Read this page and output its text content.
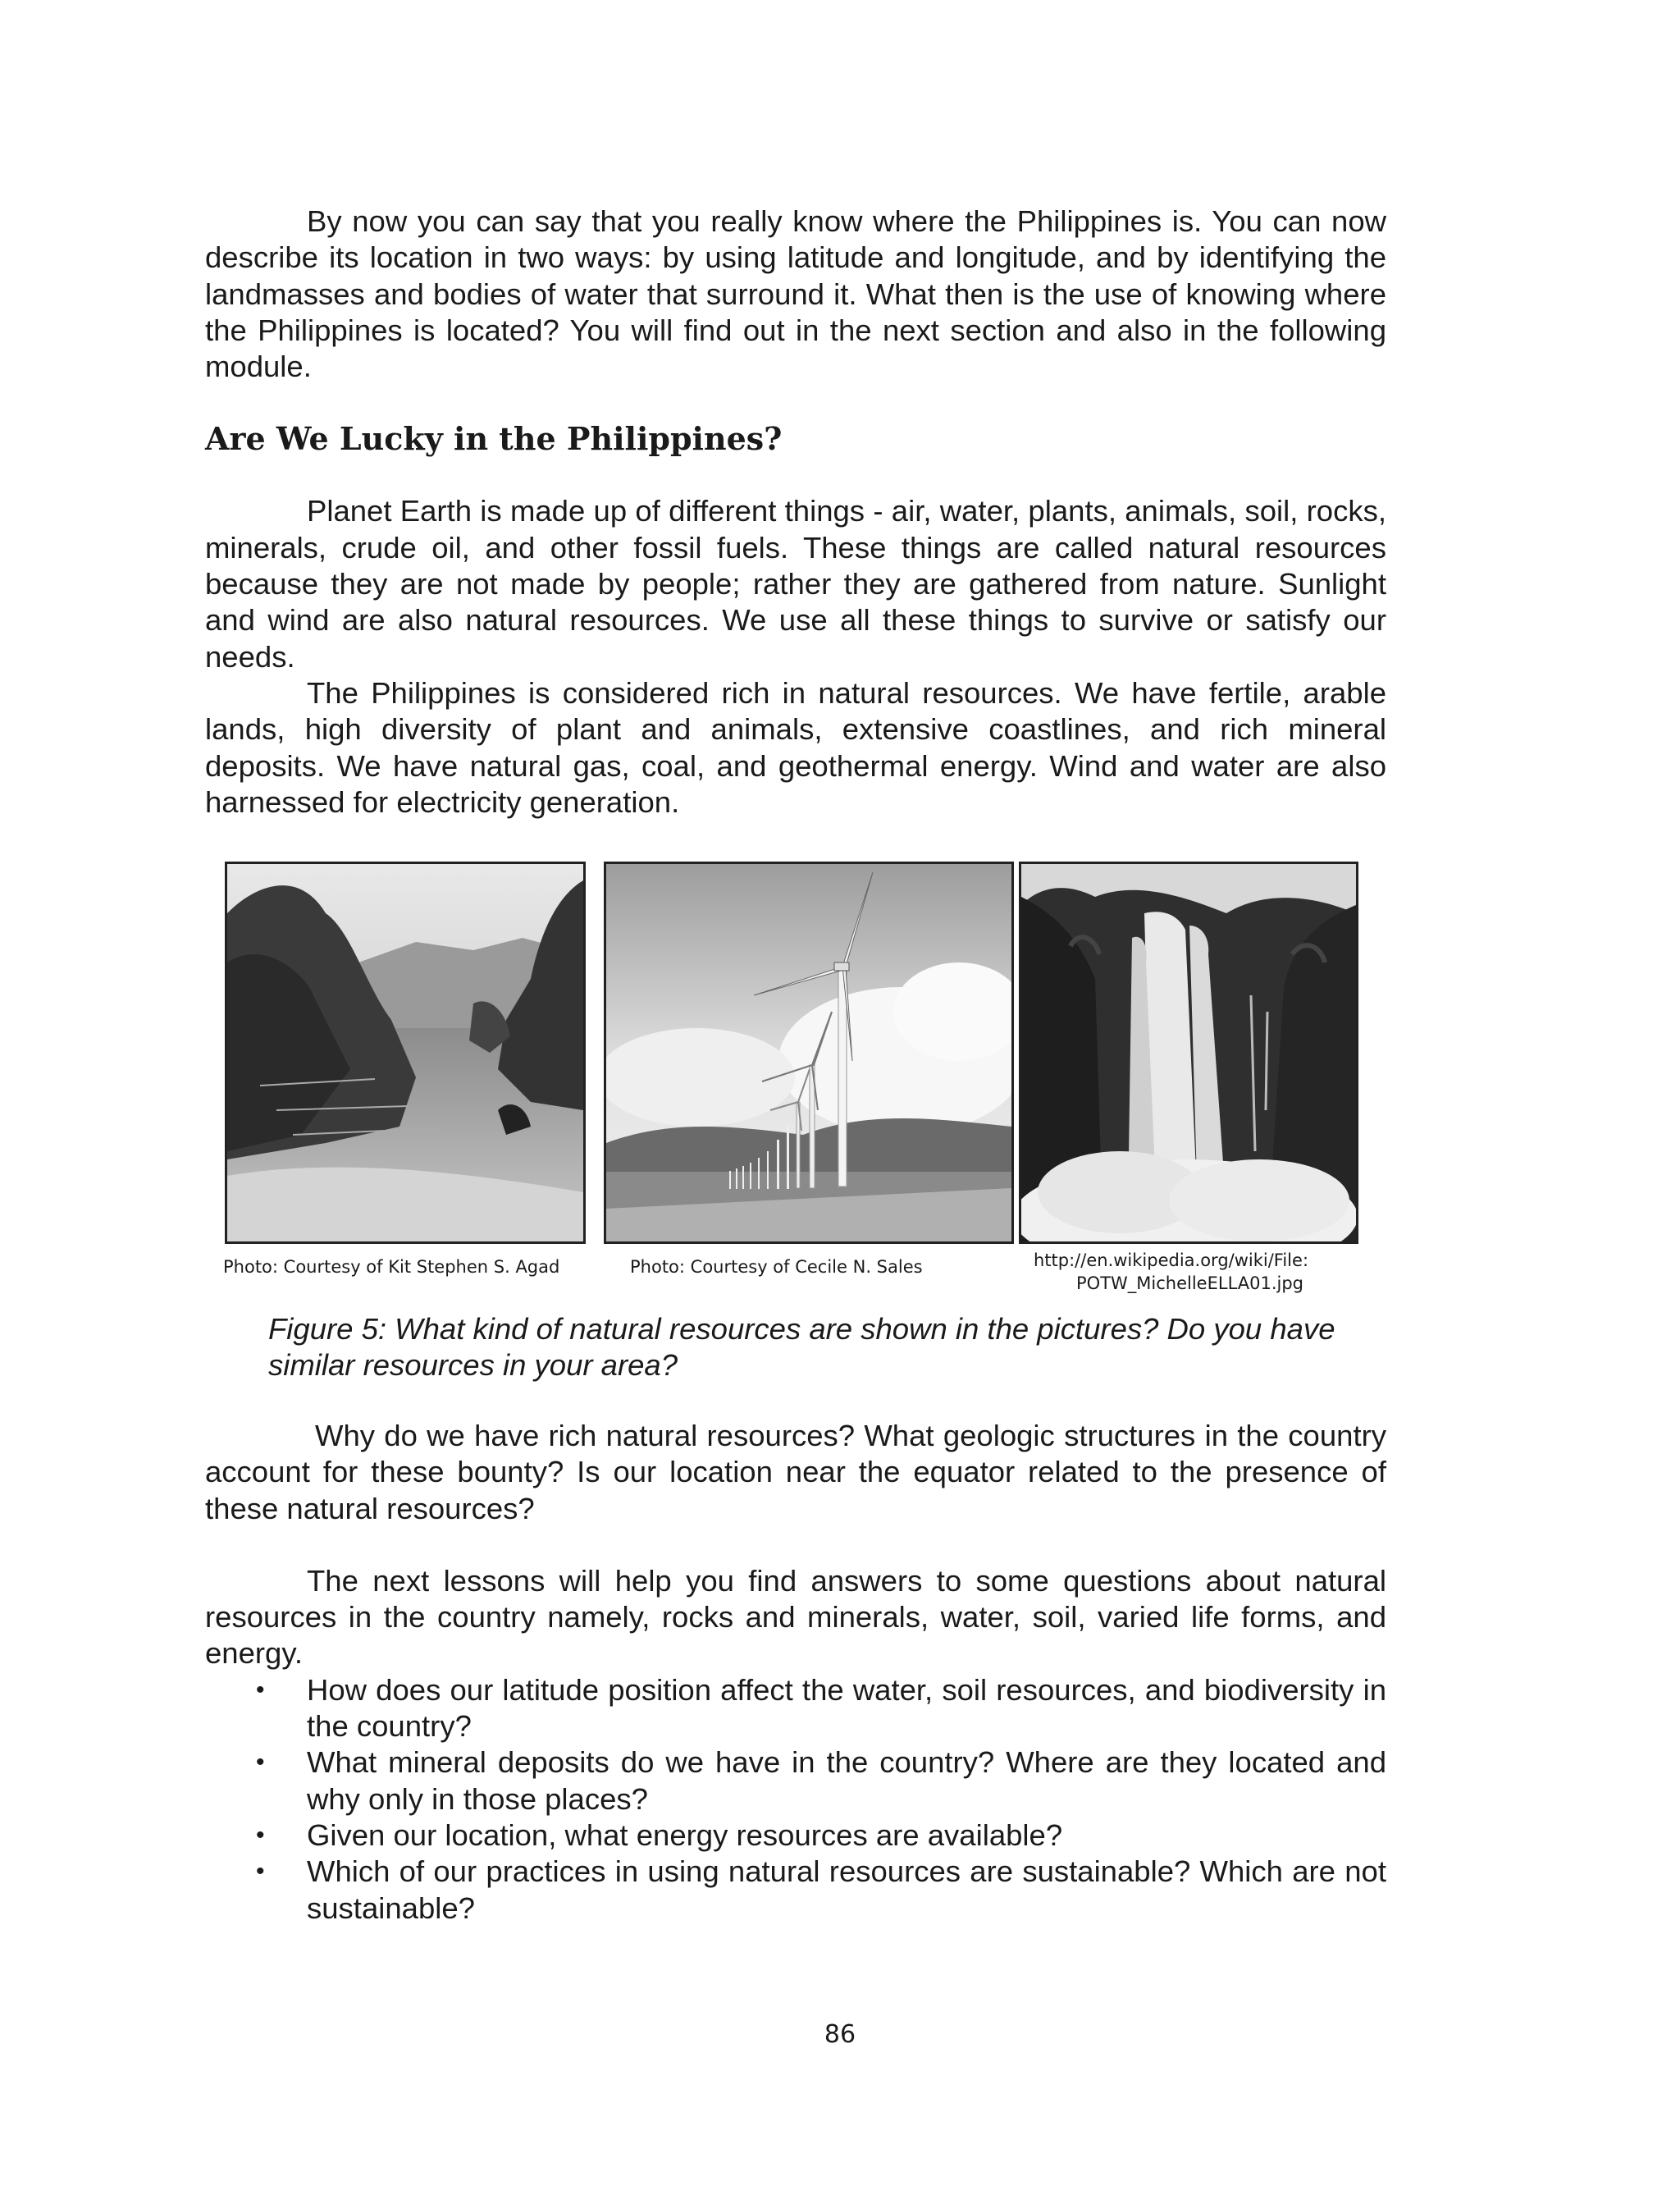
By now you can say that you really know where the Philippines is. You can now describe its location in two ways: by using latitude and longitude, and by identifying the landmasses and bodies of water that surround it. What then is the use of knowing where the Philippines is located? You will find out in the next section and also in the following module.

Are We Lucky in the Philippines?

Planet Earth is made up of different things - air, water, plants, animals, soil, rocks, minerals, crude oil, and other fossil fuels. These things are called natural resources because they are not made by people; rather they are gathered from nature. Sunlight and wind are also natural resources. We use all these things to survive or satisfy our needs.

The Philippines is considered rich in natural resources. We have fertile, arable lands, high diversity of plant and animals, extensive coastlines, and rich mineral deposits. We have natural gas, coal, and geothermal energy. Wind and water are also harnessed for electricity generation.

Photo: Courtesy of Kit Stephen S. Agad	Photo: Courtesy of Cecile N. Sales	http://en.wikipedia.org/wiki/File:
POTW_MichelleELLA01.jpg

Figure 5: What kind of natural resources are shown in the pictures? Do you have similar resources in your area?

Why do we have rich natural resources? What geologic structures in the country account for these bounty? Is our location near the equator related to the presence of these natural resources?

The next lessons will help you find answers to some questions about natural resources in the country namely, rocks and minerals, water, soil, varied life forms, and energy.

• How does our latitude position affect the water, soil resources, and biodiversity in the country?
• What mineral deposits do we have in the country? Where are they located and why only in those places?
• Given our location, what energy resources are available?
• Which of our practices in using natural resources are sustainable? Which are not sustainable?
86
